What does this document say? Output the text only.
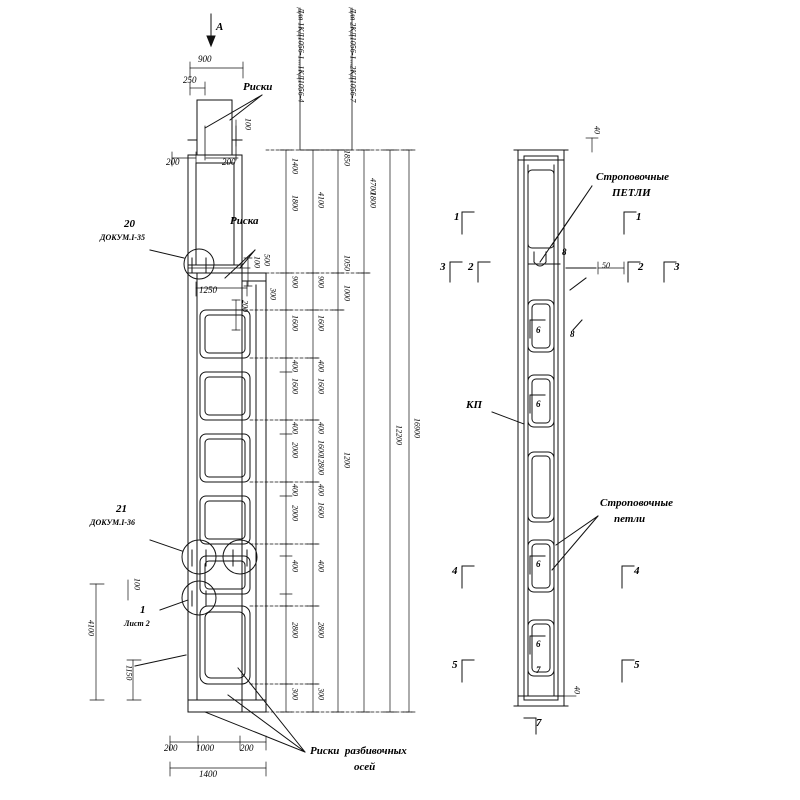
A
900
250
100
200	200
Риски
Риска
20
ДОКУМ.I-35
21
ДОКУМ.I-36
1
Лист 2
1250
100 500
200
300
Для 1КД1056-1...1КД1056-4	Для 2КД1056-1...2КД1056-7
1400
1800
900
1600
400
1600
400
2000
400
2000
400
2800
300
4100
900
1600
400
1600
400
1600
400
1600
400
2800
300
12800
1850
1050
1000
1200
4700
1800
12200 16900
4100
1150
100
200 1000	200
1400
Риски  разбивочных
осей
Строповочные
ПЕТЛИ
Строповочные
петли
КП
1	1
3 2	2	3
4	4
5	5
7
8
8
6
6
6
6
7
40
50
40
